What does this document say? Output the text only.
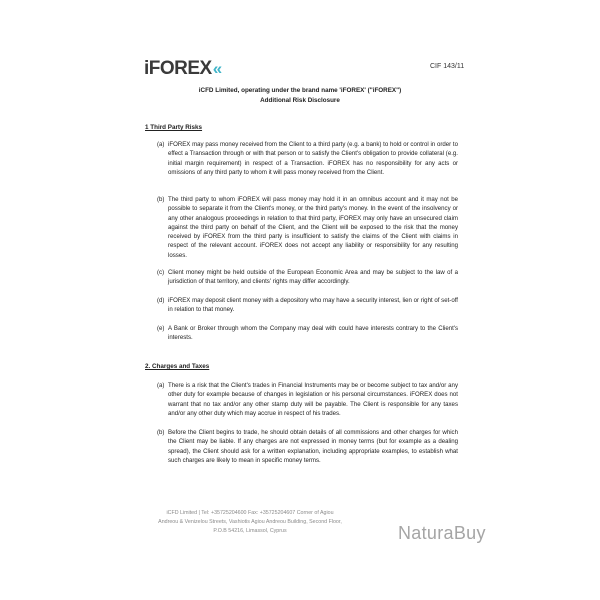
iFOREX «	CIF 143/11
iCFD Limited, operating under the brand name 'iFOREX' ("iFOREX")
Additional Risk Disclosure
1 Third Party Risks
(a) iFOREX may pass money received from the Client to a third party (e.g. a bank) to hold or control in order to effect a Transaction through or with that person or to satisfy the Client's obligation to provide collateral (e.g. initial margin requirement) in respect of a Transaction. iFOREX has no responsibility for any acts or omissions of any third party to whom it will pass money received from the Client.
(b) The third party to whom iFOREX will pass money may hold it in an omnibus account and it may not be possible to separate it from the Client's money, or the third party's money. In the event of the insolvency or any other analogous proceedings in relation to that third party, iFOREX may only have an unsecured claim against the third party on behalf of the Client, and the Client will be exposed to the risk that the money received by iFOREX from the third party is insufficient to satisfy the claims of the Client with claims in respect of the relevant account. iFOREX does not accept any liability or responsibility for any resulting losses.
(c) Client money might be held outside of the European Economic Area and may be subject to the law of a jurisdiction of that territory, and clients' rights may differ accordingly.
(d) iFOREX may deposit client money with a depository who may have a security interest, lien or right of set-off in relation to that money.
(e) A Bank or Broker through whom the Company may deal with could have interests contrary to the Client's interests.
2. Charges and Taxes
(a) There is a risk that the Client's trades in Financial Instruments may be or become subject to tax and/or any other duty for example because of changes in legislation or his personal circumstances. iFOREX does not warrant that no tax and/or any other stamp duty will be payable. The Client is responsible for any taxes and/or any other duty which may accrue in respect of his trades.
(b) Before the Client begins to trade, he should obtain details of all commissions and other charges for which the Client may be liable. If any charges are not expressed in money terms (but for example as a dealing spread), the Client should ask for a written explanation, including appropriate examples, to establish what such charges are likely to mean in specific money terms.
iCFD Limited | Tel: +35725204600 Fax: +35725204607 Corner of Agiou
Andreou & Venizelou Streets, Vashiotis Agiou Andreou Building, Second Floor,
P.O.B 54216, Limassol, Cyprus	NaturaBuy
